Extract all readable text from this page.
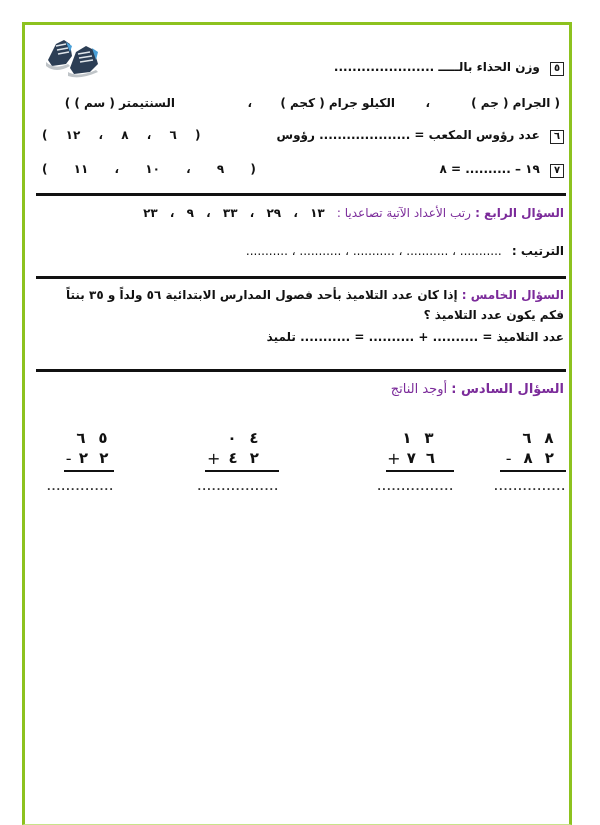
٥ وزن الحذاء بالـــــ ......................
( الجرام ( جم )
،
الكيلو جرام ( كجم )
،
السنتيمتر ( سم ) )
٦ عدد رؤوس المكعب = .................... رؤوس
( ٦ ، ٨ ، ١٢ )
٧ ١٩ – .......... = ٨
( ٩ ، ١٠ ، ١١ )
السؤال الرابع : رتب الأعداد الآتية تصاعديا : ١٣ ، ٢٩ ، ٣٣ ، ٩ ، ٢٣
الترتيب : ........... ، ........... ، ........... ، ........... ، ...........
السؤال الخامس : إذا كان عدد التلاميذ بأحد فصول المدارس الابتدائية ٥٦ ولداً و ٣٥ بنتاً
فكم يكون عدد التلاميذ ؟
عدد التلاميذ = .......... + .......... = ........... تلميذ
السؤال السادس : أوجد الناتج
٨
٦
٢
٨
-
...............
٣
١
٦
٧
+
................
٤
٠
٢
٤
+
.................
٥
٦
٢
٢
-
..............
